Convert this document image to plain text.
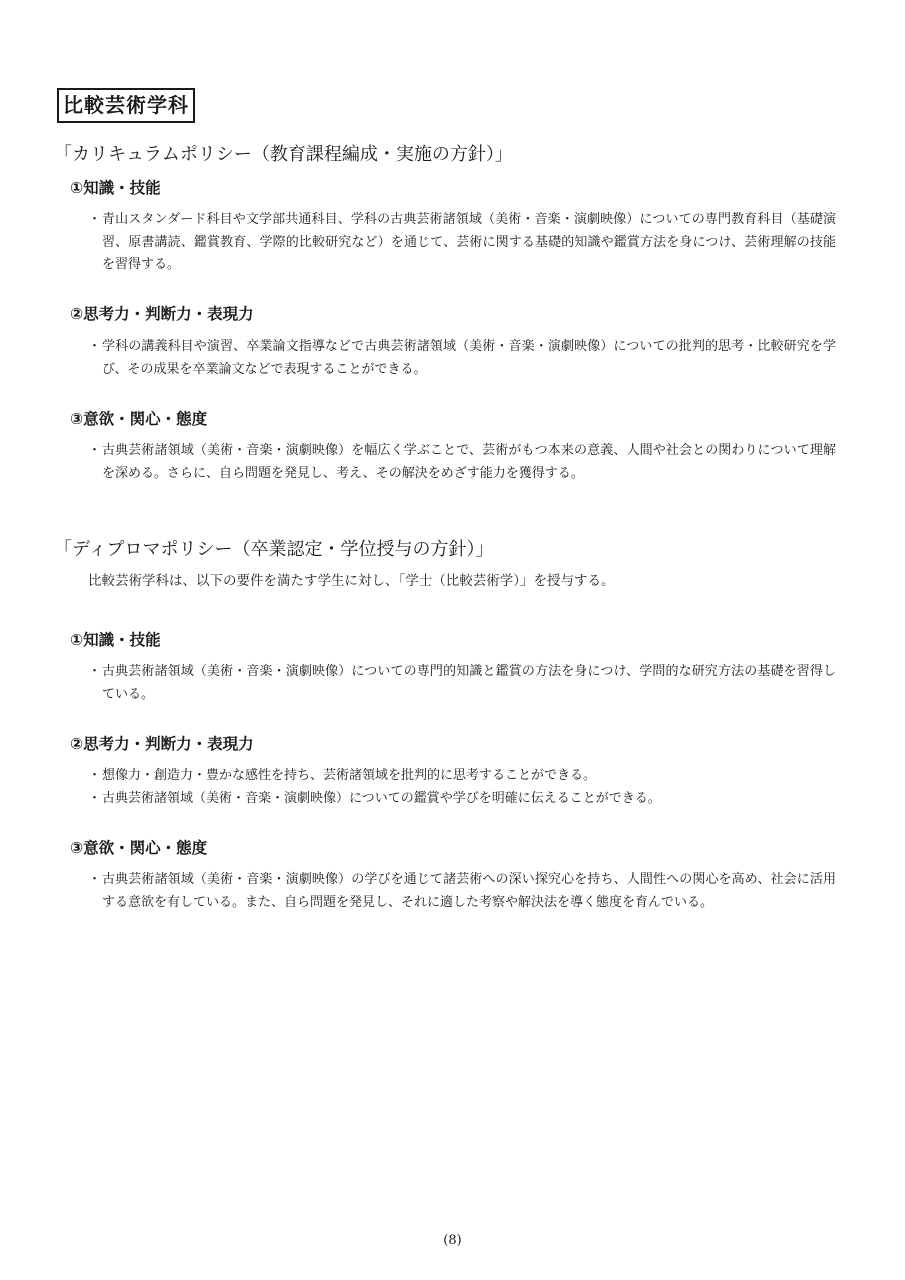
比較芸術学科
「カリキュラムポリシー（教育課程編成・実施の方針）」
①知識・技能
・ 青山スタンダード科目や文学部共通科目、学科の古典芸術諸領域（美術・音楽・演劇映像）についての専門教育科目（基礎演習、原書講読、鑑賞教育、学際的比較研究など）を通じて、芸術に関する基礎的知識や鑑賞方法を身につけ、芸術理解の技能を習得する。
②思考力・判断力・表現力
・ 学科の講義科目や演習、卒業論文指導などで古典芸術諸領域（美術・音楽・演劇映像）についての批判的思考・比較研究を学び、その成果を卒業論文などで表現することができる。
③意欲・関心・態度
・ 古典芸術諸領域（美術・音楽・演劇映像）を幅広く学ぶことで、芸術がもつ本来の意義、人間や社会との関わりについて理解を深める。さらに、自ら問題を発見し、考え、その解決をめざす能力を獲得する。
「ディプロマポリシー（卒業認定・学位授与の方針）」
比較芸術学科は、以下の要件を満たす学生に対し、「学士（比較芸術学）」を授与する。
①知識・技能
・ 古典芸術諸領域（美術・音楽・演劇映像）についての専門的知識と鑑賞の方法を身につけ、学問的な研究方法の基礎を習得している。
②思考力・判断力・表現力
・ 想像力・創造力・豊かな感性を持ち、芸術諸領域を批判的に思考することができる。
・ 古典芸術諸領域（美術・音楽・演劇映像）についての鑑賞や学びを明確に伝えることができる。
③意欲・関心・態度
・ 古典芸術諸領域（美術・音楽・演劇映像）の学びを通じて諸芸術への深い探究心を持ち、人間性への関心を高め、社会に活用する意欲を有している。また、自ら問題を発見し、それに適した考察や解決法を導く態度を育んでいる。
(8)
